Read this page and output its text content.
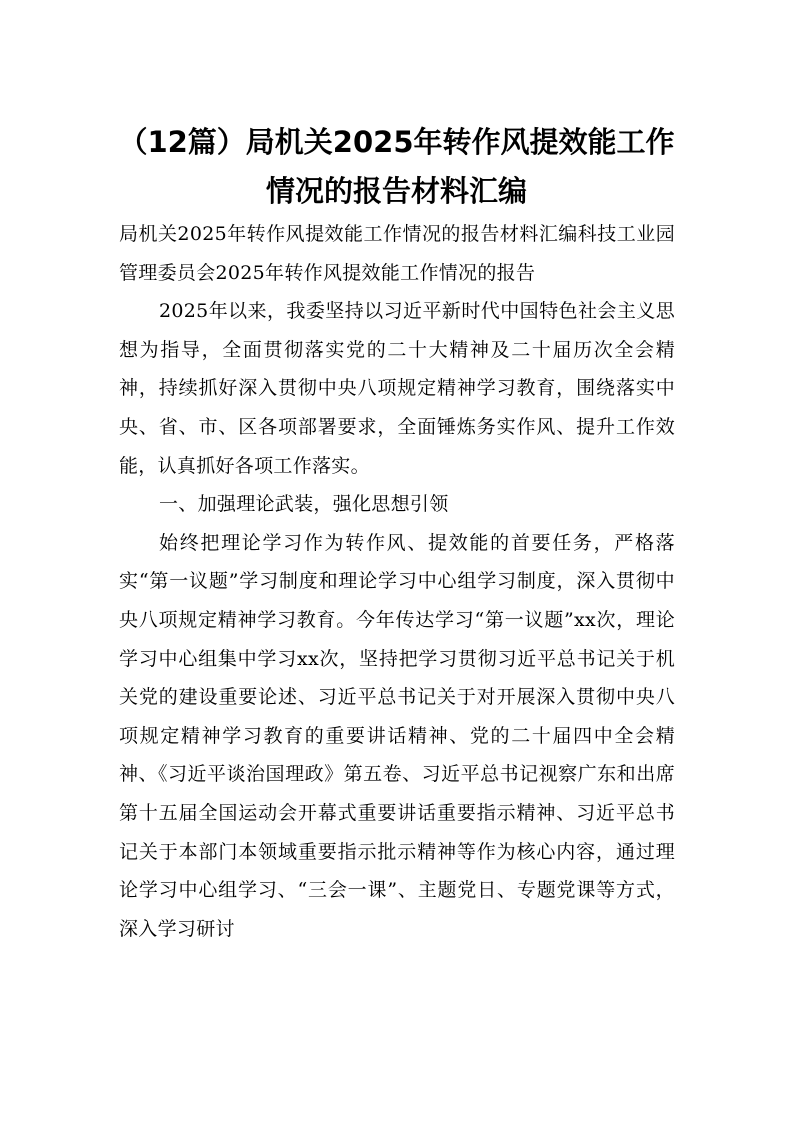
（12篇）局机关2025年转作风提效能工作
情况的报告材料汇编

局机关2025年转作风提效能工作情况的报告材料汇编科技工业园管理委员会2025年转作风提效能工作情况的报告

2025年以来，我委坚持以习近平新时代中国特色社会主义思想为指导，全面贯彻落实党的二十大精神及二十届历次全会精神，持续抓好深入贯彻中央八项规定精神学习教育，围绕落实中央、省、市、区各项部署要求，全面锤炼务实作风、提升工作效能，认真抓好各项工作落实。

一、加强理论武装，强化思想引领

始终把理论学习作为转作风、提效能的首要任务，严格落实“第一议题”学习制度和理论学习中心组学习制度，深入贯彻中央八项规定精神学习教育。今年传达学习“第一议题”xx次，理论学习中心组集中学习xx次，坚持把学习贯彻习近平总书记关于机关党的建设重要论述、习近平总书记关于对开展深入贯彻中央八项规定精神学习教育的重要讲话精神、党的二十届四中全会精神、《习近平谈治国理政》第五卷、习近平总书记视察广东和出席第十五届全国运动会开幕式重要讲话重要指示精神、习近平总书记关于本部门本领域重要指示批示精神等作为核心内容，通过理论学习中心组学习、“三会一课”、主题党日、专题党课等方式，深入学习研讨
